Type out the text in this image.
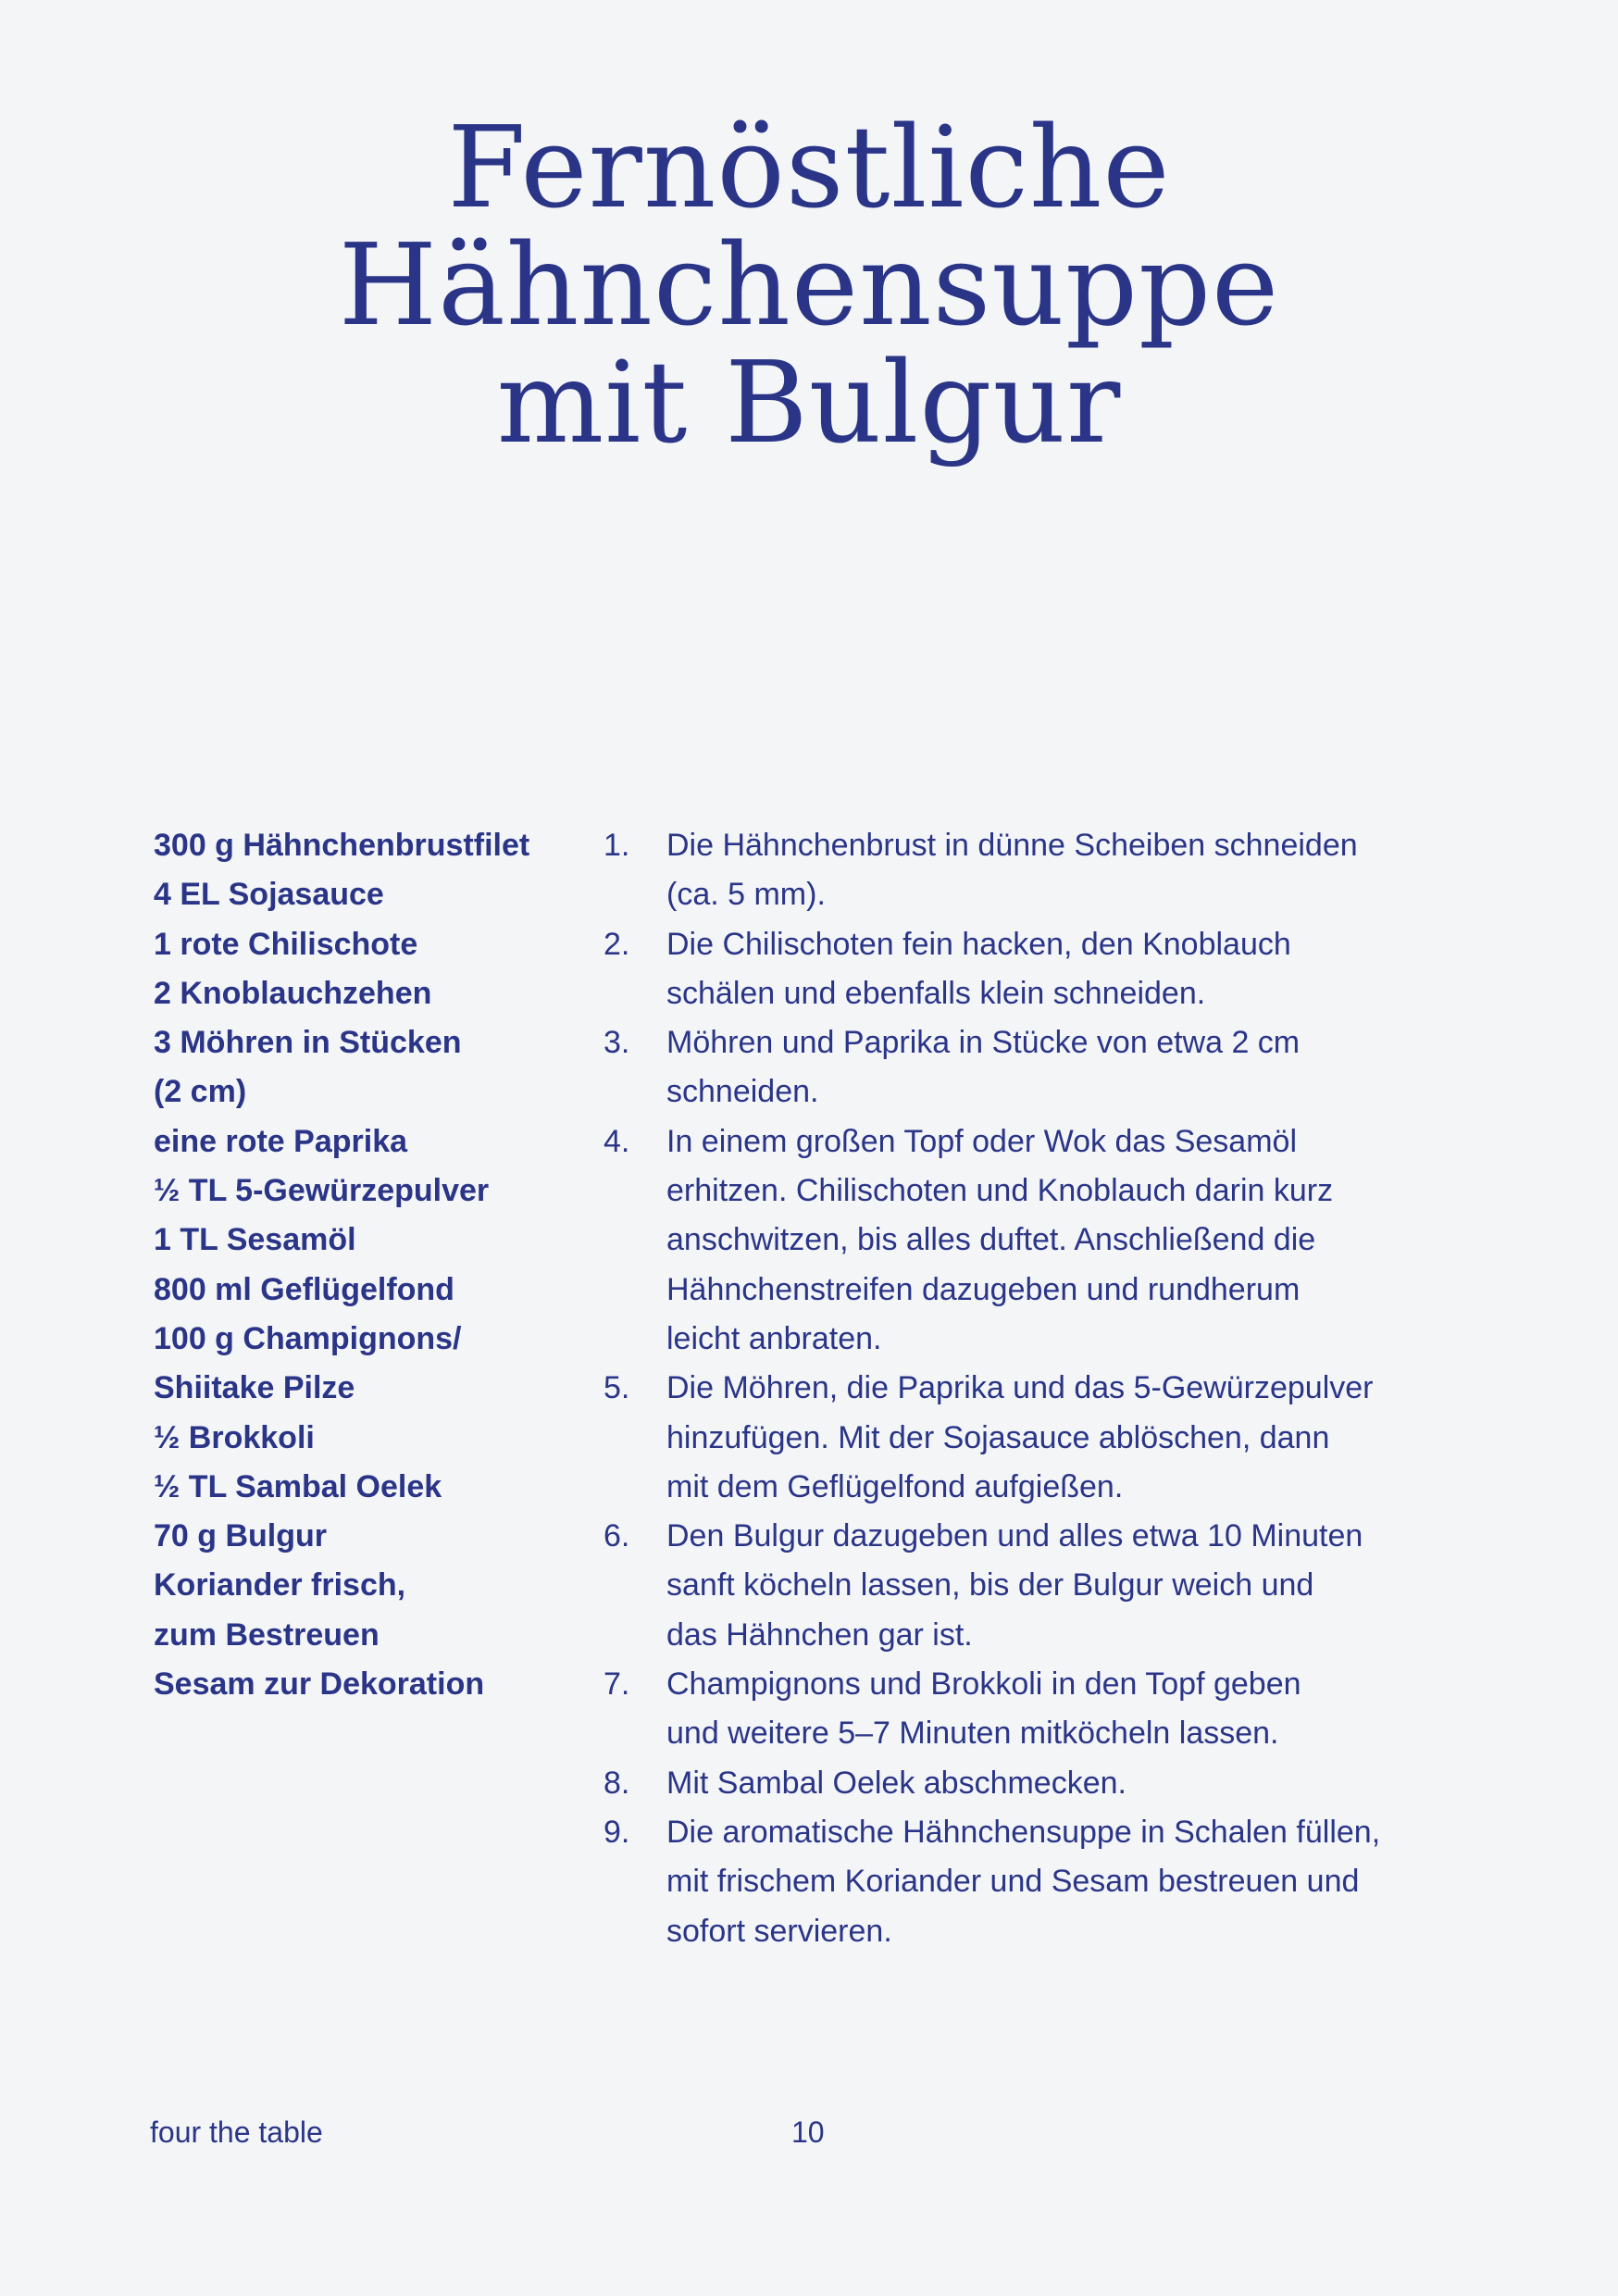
Fernöstliche
Hähnchensuppe
mit Bulgur
300 g Hähnchenbrustfilet
4 EL Sojasauce
1 rote Chilischote
2 Knoblauchzehen
3 Möhren in Stücken
(2 cm)
eine rote Paprika
½ TL 5-Gewürzepulver
1 TL Sesamöl
800 ml Geflügelfond
100 g Champignons/
Shiitake Pilze
½ Brokkoli
½ TL Sambal Oelek
70 g Bulgur
Koriander frisch,
zum Bestreuen
Sesam zur Dekoration
1.	Die Hähnchenbrust in dünne Scheiben schneiden
(ca. 5 mm).
2.	Die Chilischoten fein hacken, den Knoblauch
schälen und ebenfalls klein schneiden.
3.	Möhren und Paprika in Stücke von etwa 2 cm
schneiden.
4.	In einem großen Topf oder Wok das Sesamöl
erhitzen. Chilischoten und Knoblauch darin kurz
anschwitzen, bis alles duftet. Anschließend die
Hähnchenstreifen dazugeben und rundherum
leicht anbraten.
5.	Die Möhren, die Paprika und das 5-Gewürzepulver
hinzufügen. Mit der Sojasauce ablöschen, dann
mit dem Geflügelfond aufgießen.
6.	Den Bulgur dazugeben und alles etwa 10 Minuten
sanft köcheln lassen, bis der Bulgur weich und
das Hähnchen gar ist.
7.	Champignons und Brokkoli in den Topf geben
und weitere 5–7 Minuten mitköcheln lassen.
8.	Mit Sambal Oelek abschmecken.
9.	Die aromatische Hähnchensuppe in Schalen füllen,
mit frischem Koriander und Sesam bestreuen und
sofort servieren.
four the table	10
